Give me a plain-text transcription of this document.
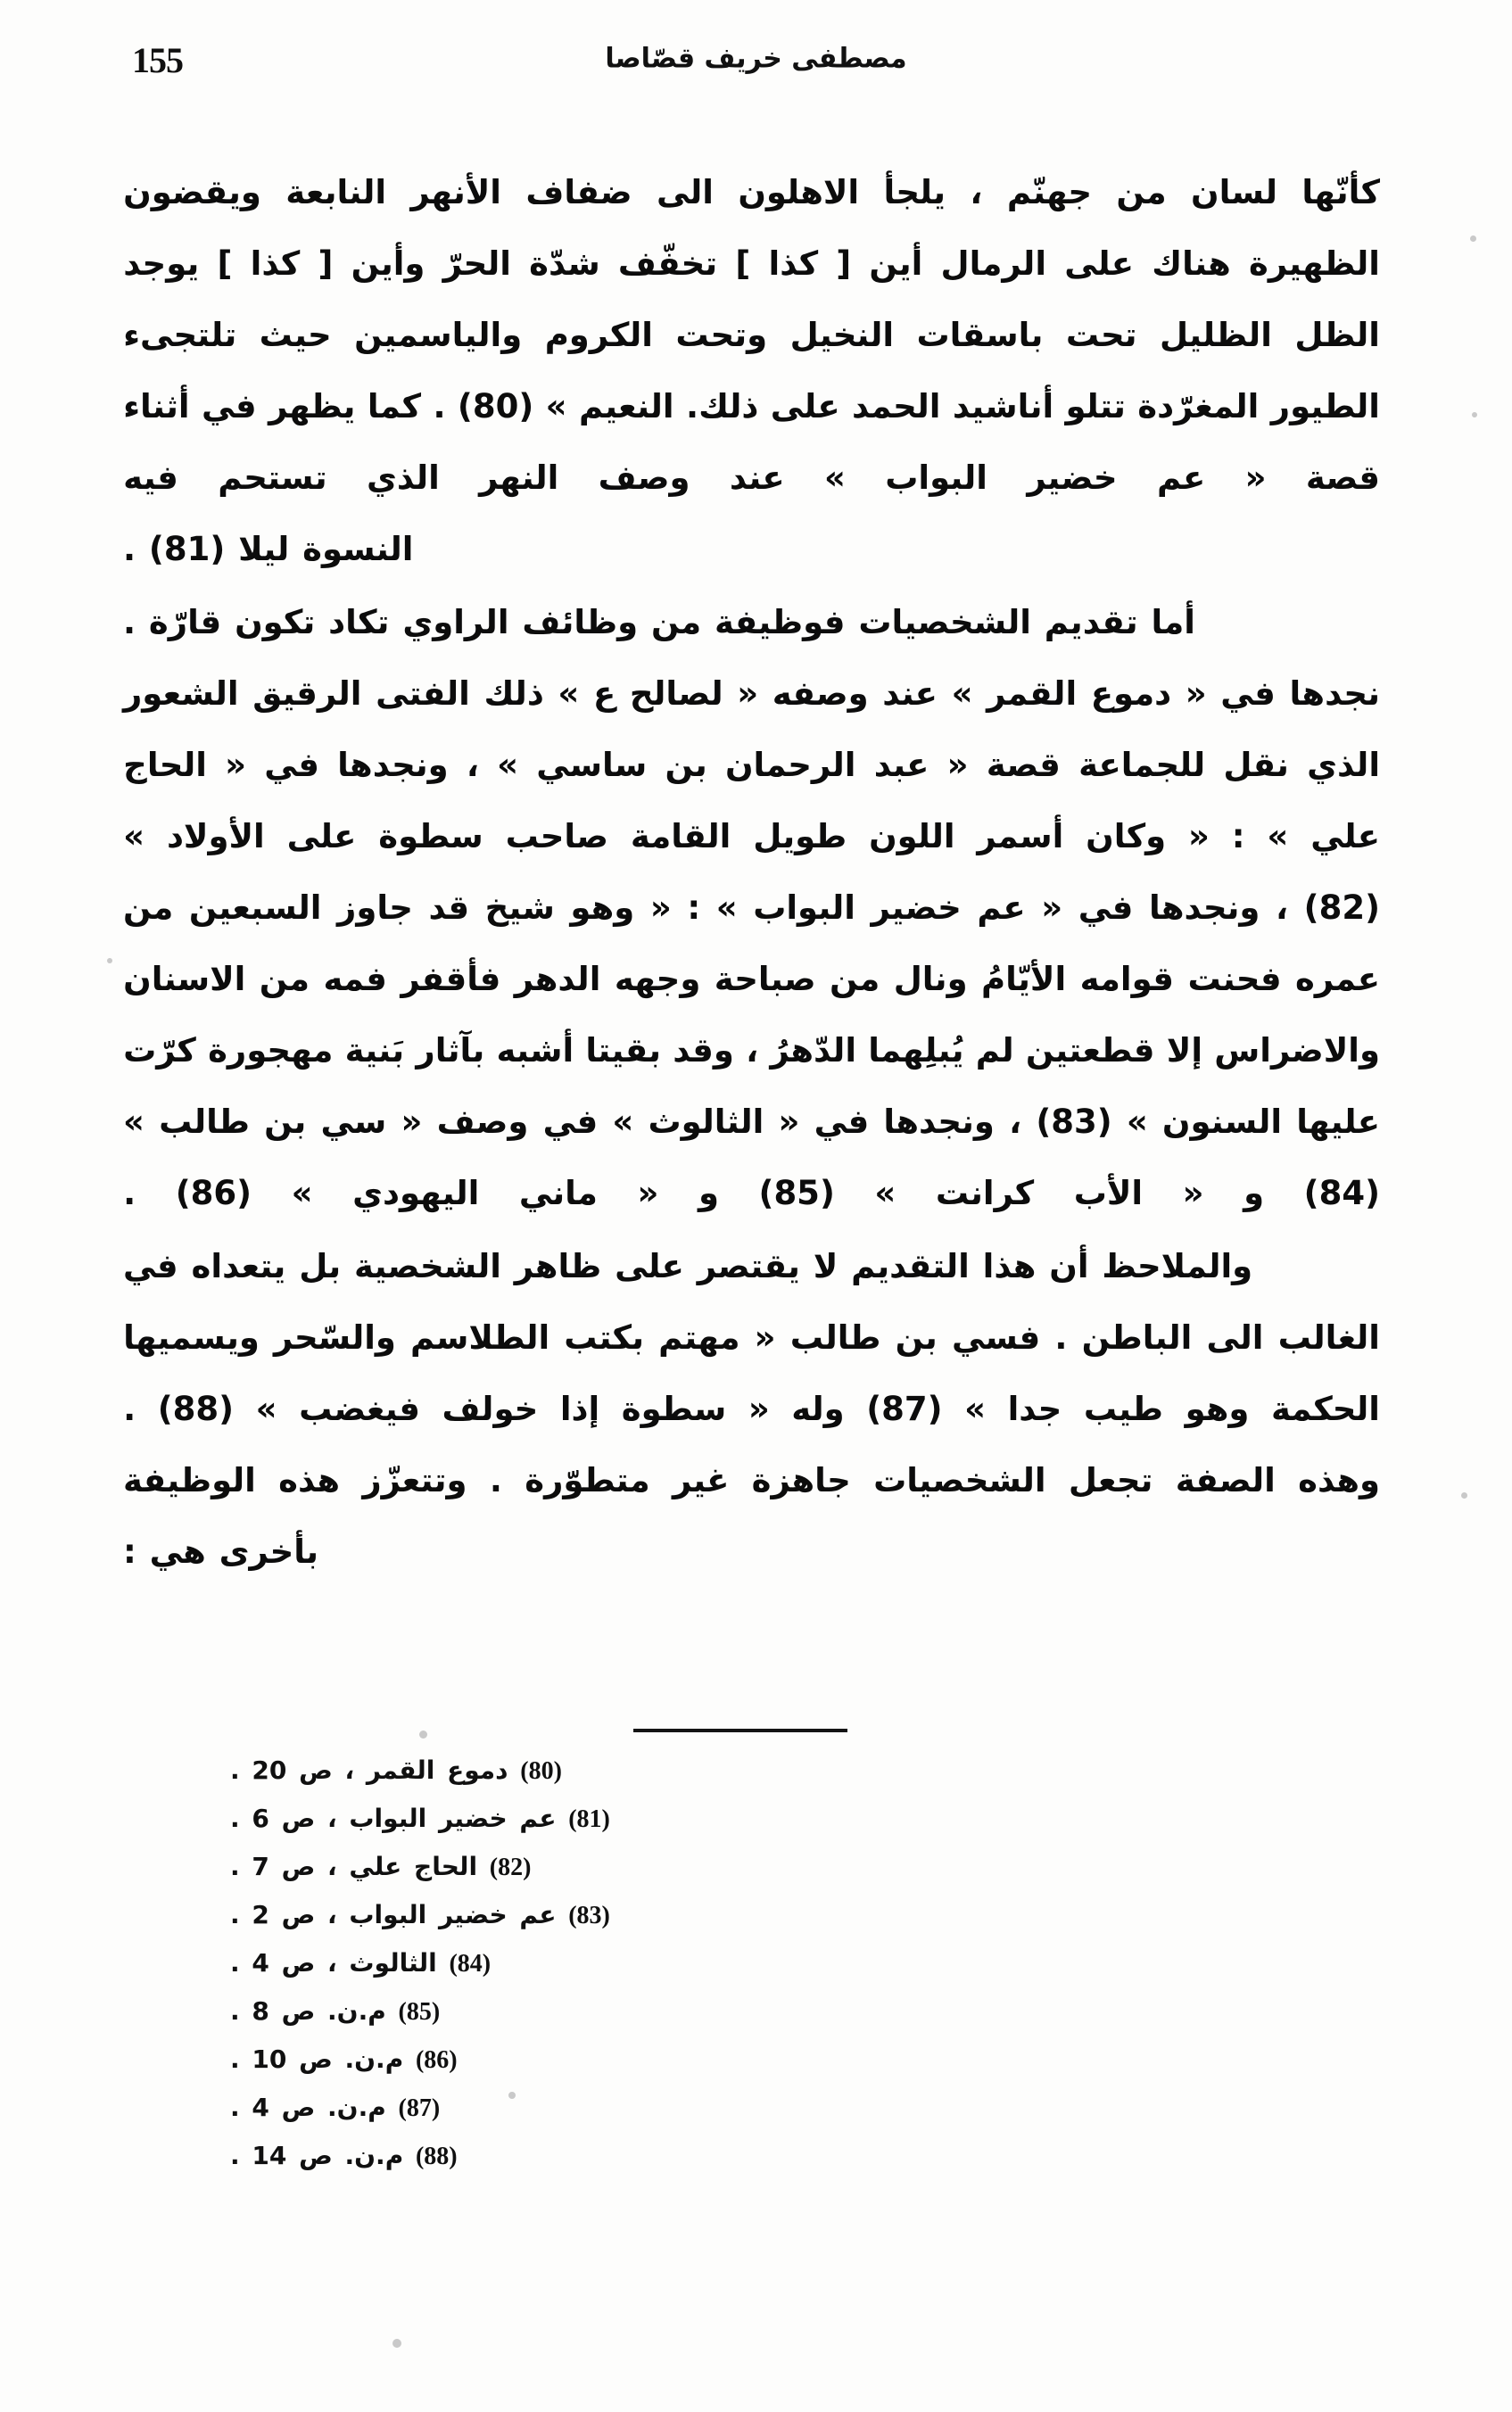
155	مصطفى خريف قصّاصا
كأنّها
لسان
من
جهنّم
،
يلجأ
الاهلون
الى
ضفاف
الأنهر
النابعة
ويقضون
الظهيرة
هناك
على
الرمال
أين
[
كذا
]
تخفّف
شدّة
الحرّ
وأين
[
كذا
]
يوجد
الظل
الظليل
تحت
باسقات
النخيل
وتحت
الكروم
والياسمين
حيث
تلتجىء
الطيور
المغرّدة
تتلو
أناشيد
الحمد
على
ذلك.
النعيم
»
(80)
.
كما
يظهر
في
أثناء
قصة
«
عم
خضير
البواب
»
عند
وصف
النهر
الذي
تستحم
فيه
النسوة ليلا (81) .
أما تقديم الشخصيات فوظيفة من وظائف الراوي تكاد تكون قارّة .
نجدها
في
«
دموع
القمر
»
عند
وصفه
«
لصالح
ع
»
ذلك
الفتى
الرقيق
الشعور
الذي
نقل
للجماعة
قصة
«
عبد
الرحمان
بن
ساسي
»
،
ونجدها
في
«
الحاج
علي
»
:
«
وكان
أسمر
اللون
طويل
القامة
صاحب
سطوة
على
الأولاد
»
(82)
،
ونجدها
في
«
عم
خضير
البواب
»
:
«
وهو
شيخ
قد
جاوز
السبعين
من
عمره
فحنت
قوامه
الأيّامُ
ونال
من
صباحة
وجهه
الدهر
فأقفر
فمه
من
الاسنان
والاضراس
إلا
قطعتين
لم
يُبلِهما
الدّهرُ
،
وقد
بقيتا
أشبه
بآثار
بَنية
مهجورة
كرّت
عليها
السنون
»
(83)
،
ونجدها
في
«
الثالوث
»
في
وصف
«
سي
بن
طالب
»
(84)
و
«
الأب
كرانت
»
(85)
و
«
ماني
اليهودي
»
(86)
.
والملاحظ أن هذا التقديم لا يقتصر على ظاهر الشخصية بل يتعداه في
الغالب
الى
الباطن
.
فسي
بن
طالب
«
مهتم
بكتب
الطلاسم
والسّحر
ويسميها
الحكمة
وهو
طيب
جدا
»
(87)
وله
«
سطوة
إذا
خولف
فيغضب
»
(88)
.
وهذه
الصفة
تجعل
الشخصيات
جاهزة
غير
متطوّرة
.
وتتعزّز
هذه
الوظيفة
بأخرى هي :
(80) دموع القمر ، ص 20 .
(81) عم خضير البواب ، ص 6 .
(82) الحاج علي ، ص 7 .
(83) عم خضير البواب ، ص 2 .
(84) الثالوث ، ص 4 .
(85) م.ن. ص 8 .
(86) م.ن. ص 10 .
(87) م.ن. ص 4 .
(88) م.ن. ص 14 .
